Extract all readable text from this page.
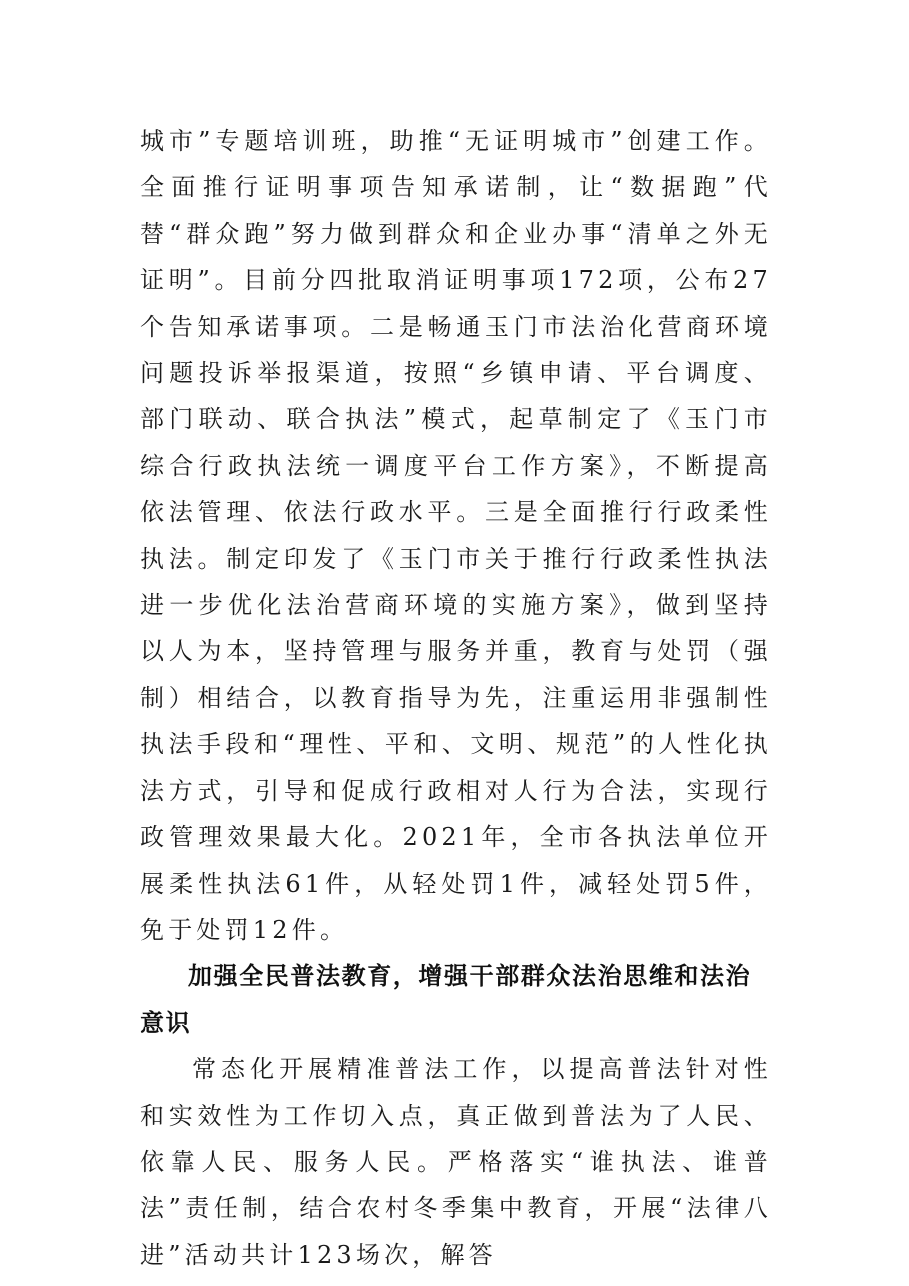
城市”专题培训班，助推“无证明城市”创建工作。全面推行证明事项告知承诺制，让“数据跑”代替“群众跑”努力做到群众和企业办事“清单之外无证明”。目前分四批取消证明事项172项，公布27个告知承诺事项。二是畅通玉门市法治化营商环境问题投诉举报渠道，按照“乡镇申请、平台调度、部门联动、联合执法”模式，起草制定了《玉门市综合行政执法统一调度平台工作方案》，不断提高依法管理、依法行政水平。三是全面推行行政柔性执法。制定印发了《玉门市关于推行行政柔性执法进一步优化法治营商环境的实施方案》，做到坚持以人为本，坚持管理与服务并重，教育与处罚（强制）相结合，以教育指导为先，注重运用非强制性执法手段和“理性、平和、文明、规范”的人性化执法方式，引导和促成行政相对人行为合法，实现行政管理效果最大化。2021年，全市各执法单位开展柔性执法61件，从轻处罚1件，减轻处罚5件，免于处罚12件。

加强全民普法教育，增强干部群众法治思维和法治意识

常态化开展精准普法工作，以提高普法针对性和实效性为工作切入点，真正做到普法为了人民、依靠人民、服务人民。严格落实“谁执法、谁普法”责任制，结合农村冬季集中教育，开展“法律八进”活动共计123场次，解答
